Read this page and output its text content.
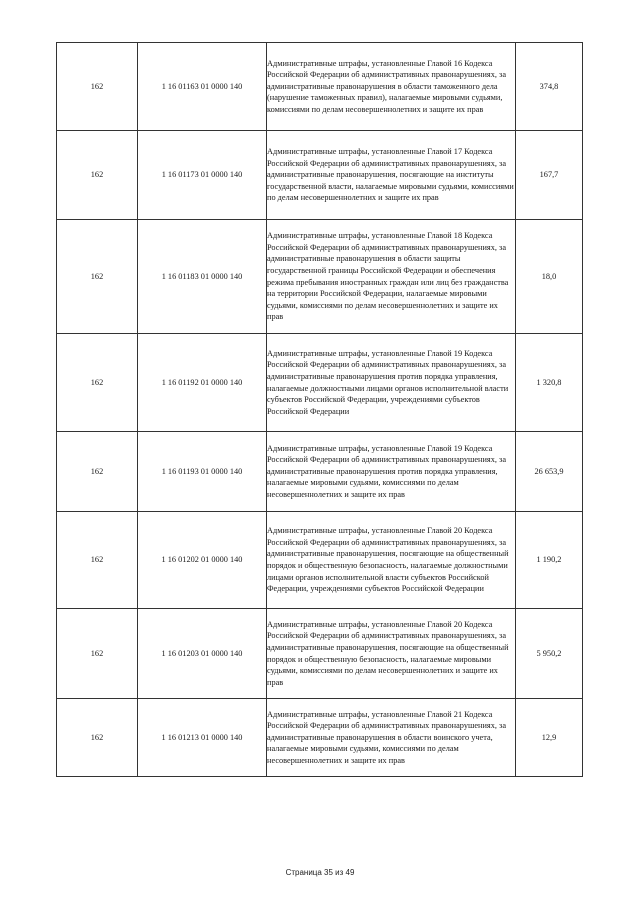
162	1 16 01163 01 0000 140	Административные штрафы, установленные Главой 16 Кодекса Российской Федерации об административных правонарушениях, за административные правонарушения в области таможенного дела (нарушение таможенных правил), налагаемые мировыми судьями, комиссиями по делам несовершеннолетних и защите их прав	374,8
162	1 16 01173 01 0000 140	Административные штрафы, установленные Главой 17 Кодекса Российской Федерации об административных правонарушениях, за административные правонарушения, посягающие на институты государственной власти, налагаемые мировыми судьями, комиссиями по делам несовершеннолетних и защите их прав	167,7
162	1 16 01183 01 0000 140	Административные штрафы, установленные Главой 18 Кодекса Российской Федерации об административных правонарушениях, за административные правонарушения в области защиты государственной границы Российской Федерации и обеспечения режима пребывания иностранных граждан или лиц без гражданства на территории Российской Федерации, налагаемые мировыми судьями, комиссиями по делам несовершеннолетних и защите их прав	18,0
162	1 16 01192 01 0000 140	Административные штрафы, установленные Главой 19 Кодекса Российской Федерации об административных правонарушениях, за административные правонарушения против порядка управления, налагаемые должностными лицами органов исполнительной власти субъектов Российской Федерации, учреждениями субъектов Российской Федерации	1 320,8
162	1 16 01193 01 0000 140	Административные штрафы, установленные Главой 19 Кодекса Российской Федерации об административных правонарушениях, за административные правонарушения против порядка управления, налагаемые мировыми судьями, комиссиями по делам несовершеннолетних и защите их прав	26 653,9
162	1 16 01202 01 0000 140	Административные штрафы, установленные Главой 20 Кодекса Российской Федерации об административных правонарушениях, за административные правонарушения, посягающие на общественный порядок и общественную безопасность, налагаемые должностными лицами органов исполнительной власти субъектов Российской Федерации, учреждениями субъектов Российской Федерации	1 190,2
162	1 16 01203 01 0000 140	Административные штрафы, установленные Главой 20 Кодекса Российской Федерации об административных правонарушениях, за административные правонарушения, посягающие на общественный порядок и общественную безопасность, налагаемые мировыми судьями, комиссиями по делам несовершеннолетних и защите их прав	5 950,2
162	1 16 01213 01 0000 140	Административные штрафы, установленные Главой 21 Кодекса Российской Федерации об административных правонарушениях, за административные правонарушения в области воинского учета, налагаемые мировыми судьями, комиссиями по делам несовершеннолетних и защите их прав	12,9
Страница 35 из 49
